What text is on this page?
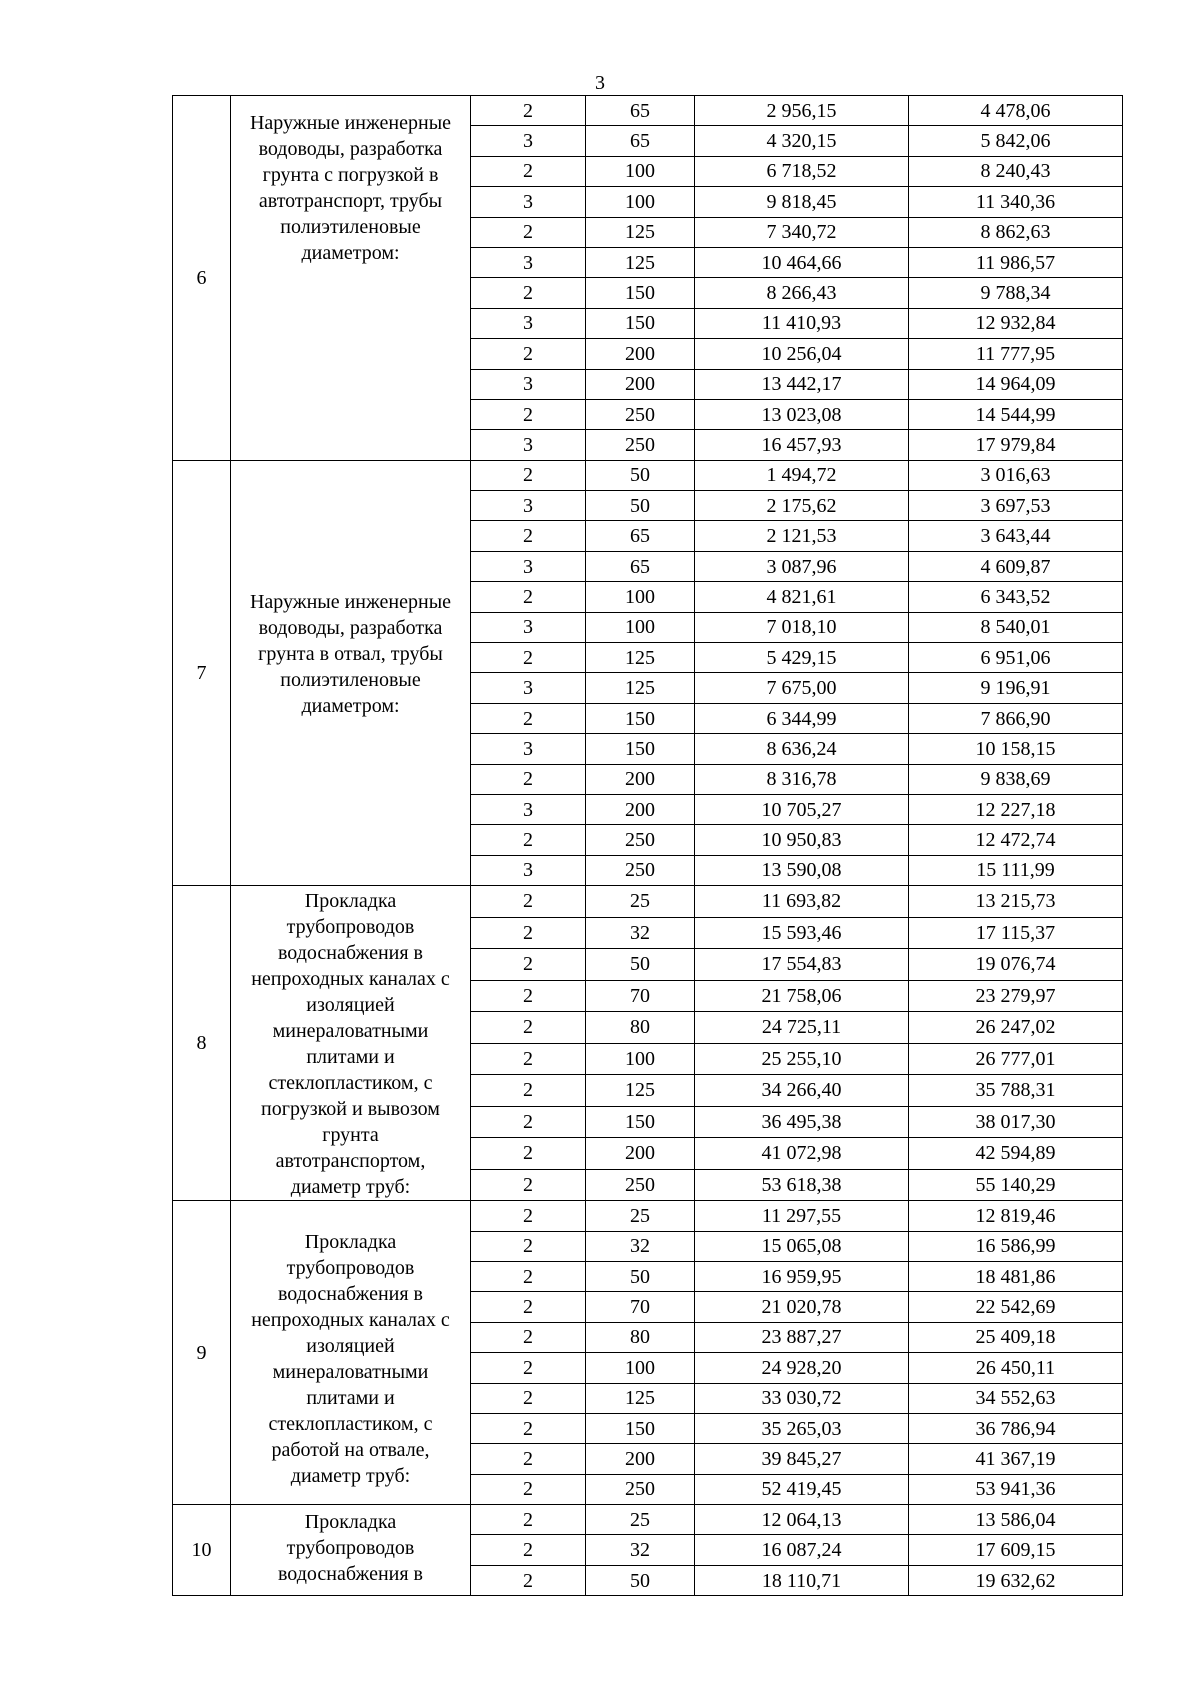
3
6	Наружные инженерные водоводы, разработка грунта с погрузкой в автотранспорт, трубы полиэтиленовые диаметром:	2	65	2 956,15	4 478,06
		3	65	4 320,15	5 842,06
		2	100	6 718,52	8 240,43
		3	100	9 818,45	11 340,36
		2	125	7 340,72	8 862,63
		3	125	10 464,66	11 986,57
		2	150	8 266,43	9 788,34
		3	150	11 410,93	12 932,84
		2	200	10 256,04	11 777,95
		3	200	13 442,17	14 964,09
		2	250	13 023,08	14 544,99
		3	250	16 457,93	17 979,84
7	Наружные инженерные водоводы, разработка грунта в отвал, трубы полиэтиленовые диаметром:	2	50	1 494,72	3 016,63
		3	50	2 175,62	3 697,53
		2	65	2 121,53	3 643,44
		3	65	3 087,96	4 609,87
		2	100	4 821,61	6 343,52
		3	100	7 018,10	8 540,01
		2	125	5 429,15	6 951,06
		3	125	7 675,00	9 196,91
		2	150	6 344,99	7 866,90
		3	150	8 636,24	10 158,15
		2	200	8 316,78	9 838,69
		3	200	10 705,27	12 227,18
		2	250	10 950,83	12 472,74
		3	250	13 590,08	15 111,99
8	Прокладка трубопроводов водоснабжения в непроходных каналах с изоляцией минераловатными плитами и стеклопластиком, с погрузкой и вывозом грунта автотранспортом, диаметр труб:	2	25	11 693,82	13 215,73
		2	32	15 593,46	17 115,37
		2	50	17 554,83	19 076,74
		2	70	21 758,06	23 279,97
		2	80	24 725,11	26 247,02
		2	100	25 255,10	26 777,01
		2	125	34 266,40	35 788,31
		2	150	36 495,38	38 017,30
		2	200	41 072,98	42 594,89
		2	250	53 618,38	55 140,29
9	Прокладка трубопроводов водоснабжения в непроходных каналах с изоляцией минераловатными плитами и стеклопластиком, с работой на отвале, диаметр труб:	2	25	11 297,55	12 819,46
		2	32	15 065,08	16 586,99
		2	50	16 959,95	18 481,86
		2	70	21 020,78	22 542,69
		2	80	23 887,27	25 409,18
		2	100	24 928,20	26 450,11
		2	125	33 030,72	34 552,63
		2	150	35 265,03	36 786,94
		2	200	39 845,27	41 367,19
		2	250	52 419,45	53 941,36
10	Прокладка трубопроводов водоснабжения в	2	25	12 064,13	13 586,04
		2	32	16 087,24	17 609,15
		2	50	18 110,71	19 632,62
